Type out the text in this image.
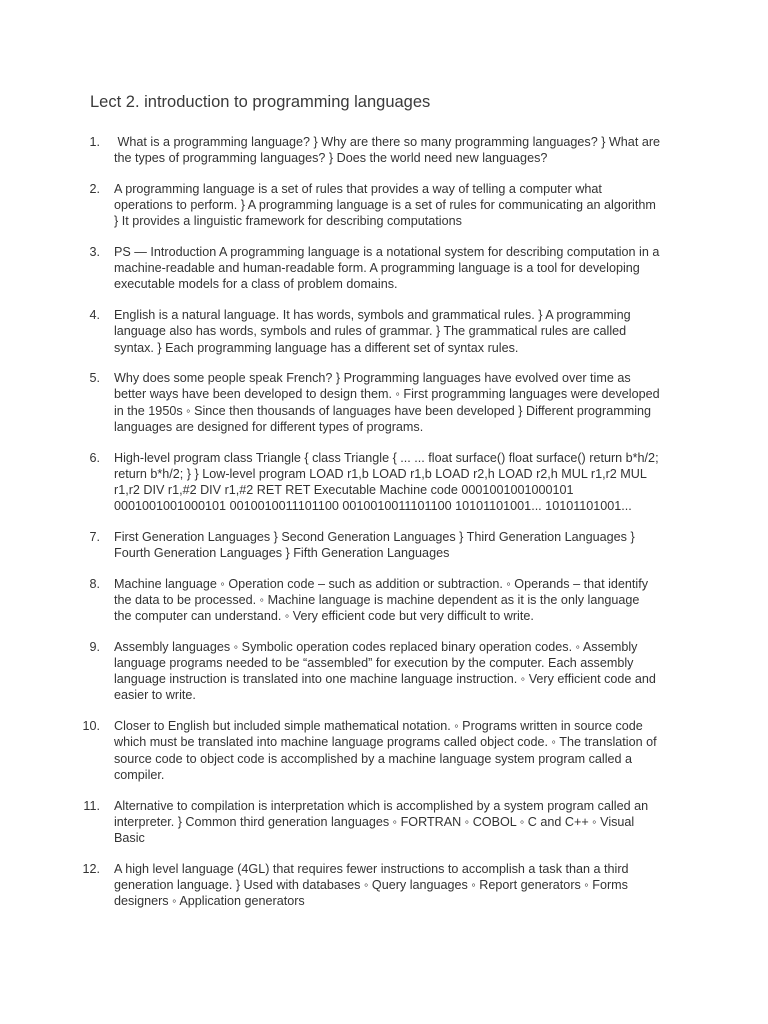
Lect 2. introduction to programming languages
1.	What is a programming language? } Why are there so many programming languages? } What are the types of programming languages? } Does the world need new languages?
2.	A programming language is a set of rules that provides a way of telling a computer what operations to perform. } A programming language is a set of rules for communicating an algorithm } It provides a linguistic framework for describing computations
3.	PS — Introduction A programming language is a notational system for describing computation in a machine-readable and human-readable form. A programming language is a tool for developing executable models for a class of problem domains.
4.	English is a natural language. It has words, symbols and grammatical rules. } A programming language also has words, symbols and rules of grammar. } The grammatical rules are called syntax. } Each programming language has a different set of syntax rules.
5.	Why does some people speak French? } Programming languages have evolved over time as better ways have been developed to design them. ◦ First programming languages were developed in the 1950s ◦ Since then thousands of languages have been developed } Different programming languages are designed for different types of programs.
6.	High-level program class Triangle { class Triangle { ... ... float surface() float surface() return b*h/2; return b*h/2; } } Low-level program LOAD r1,b LOAD r1,b LOAD r2,h LOAD r2,h MUL r1,r2 MUL r1,r2 DIV r1,#2 DIV r1,#2 RET RET Executable Machine code 0001001001000101 0001001001000101 0010010011101100 0010010011101100 10101101001... 10101101001...
7.	First Generation Languages } Second Generation Languages } Third Generation Languages } Fourth Generation Languages } Fifth Generation Languages
8.	Machine language ◦ Operation code – such as addition or subtraction. ◦ Operands – that identify the data to be processed. ◦ Machine language is machine dependent as it is the only language the computer can understand. ◦ Very efficient code but very difficult to write.
9.	Assembly languages ◦ Symbolic operation codes replaced binary operation codes. ◦ Assembly language programs needed to be “assembled” for execution by the computer. Each assembly language instruction is translated into one machine language instruction. ◦ Very efficient code and easier to write.
10.	Closer to English but included simple mathematical notation. ◦ Programs written in source code which must be translated into machine language programs called object code. ◦ The translation of source code to object code is accomplished by a machine language system program called a compiler.
11.	Alternative to compilation is interpretation which is accomplished by a system program called an interpreter. } Common third generation languages ◦ FORTRAN ◦ COBOL ◦ C and C++ ◦ Visual Basic
12.	A high level language (4GL) that requires fewer instructions to accomplish a task than a third generation language. } Used with databases ◦ Query languages ◦ Report generators ◦ Forms designers ◦ Application generators
